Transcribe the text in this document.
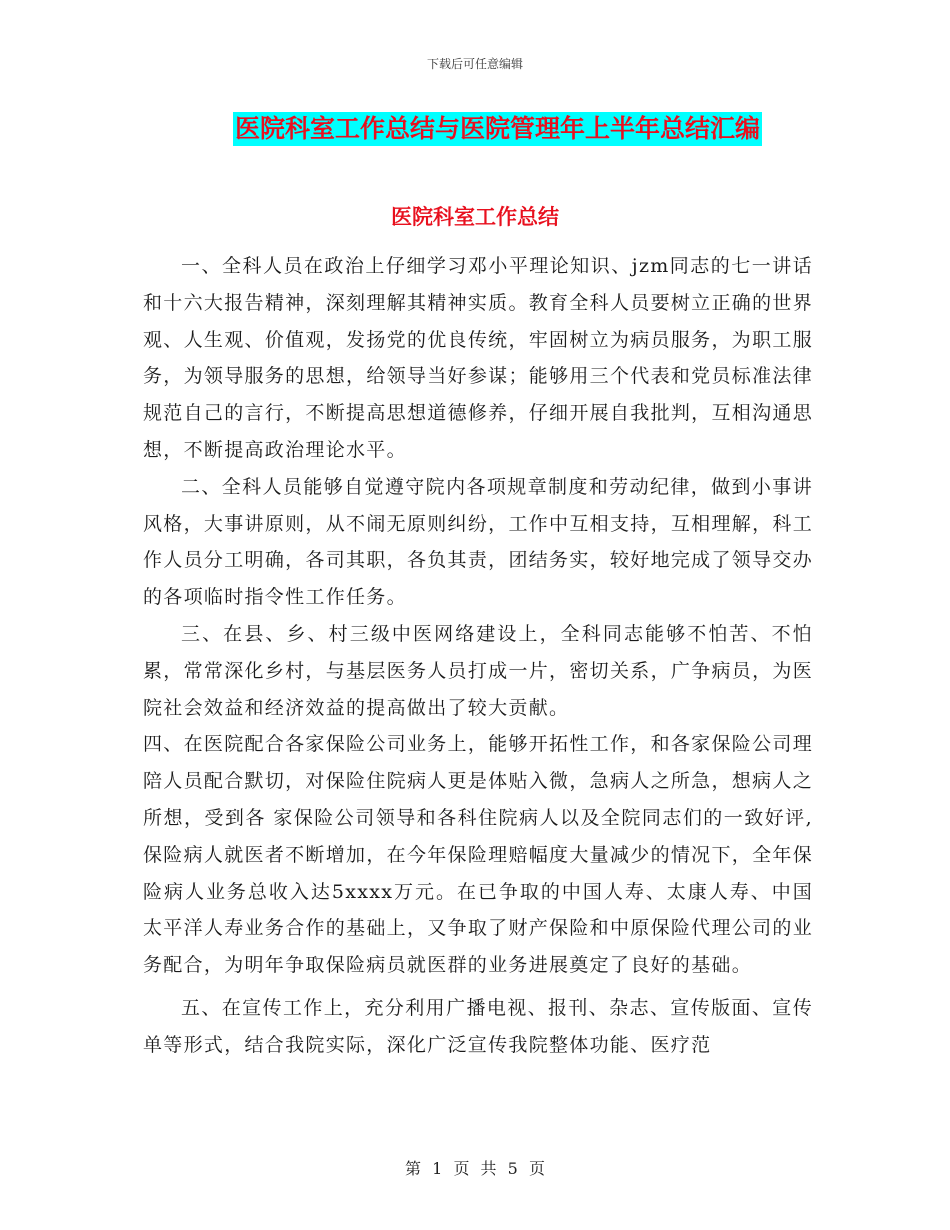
下载后可任意编辑
医院科室工作总结与医院管理年上半年总结汇编
医院科室工作总结

一、全科人员在政治上仔细学习邓小平理论知识、jzm同志的七一讲话和十六大报告精神，深刻理解其精神实质。教育全科人员要树立正确的世界观、人生观、价值观，发扬党的优良传统，牢固树立为病员服务，为职工服务，为领导服务的思想，给领导当好参谋；能够用三个代表和党员标准法律规范自己的言行，不断提高思想道德修养，仔细开展自我批判，互相沟通思想，不断提高政治理论水平。

二、全科人员能够自觉遵守院内各项规章制度和劳动纪律，做到小事讲风格，大事讲原则，从不闹无原则纠纷，工作中互相支持，互相理解，科工作人员分工明确，各司其职，各负其责，团结务实，较好地完成了领导交办的各项临时指令性工作任务。

三、在县、乡、村三级中医网络建设上，全科同志能够不怕苦、不怕累，常常深化乡村，与基层医务人员打成一片，密切关系，广争病员，为医院社会效益和经济效益的提高做出了较大贡献。

四、在医院配合各家保险公司业务上，能够开拓性工作，和各家保险公司理陪人员配合默切，对保险住院病人更是体贴入微，急病人之所急，想病人之所想，受到各 家保险公司领导和各科住院病人以及全院同志们的一致好评,保险病人就医者不断增加，在今年保险理赔幅度大量减少的情况下，全年保险病人业务总收入达5xxxx万元。在已争取的中国人寿、太康人寿、中国太平洋人寿业务合作的基础上，又争取了财产保险和中原保险代理公司的业务配合，为明年争取保险病员就医群的业务进展奠定了良好的基础。

五、在宣传工作上，充分利用广播电视、报刊、杂志、宣传版面、宣传单等形式，结合我院实际，深化广泛宣传我院整体功能、医疗范

第 1 页 共 5 页
